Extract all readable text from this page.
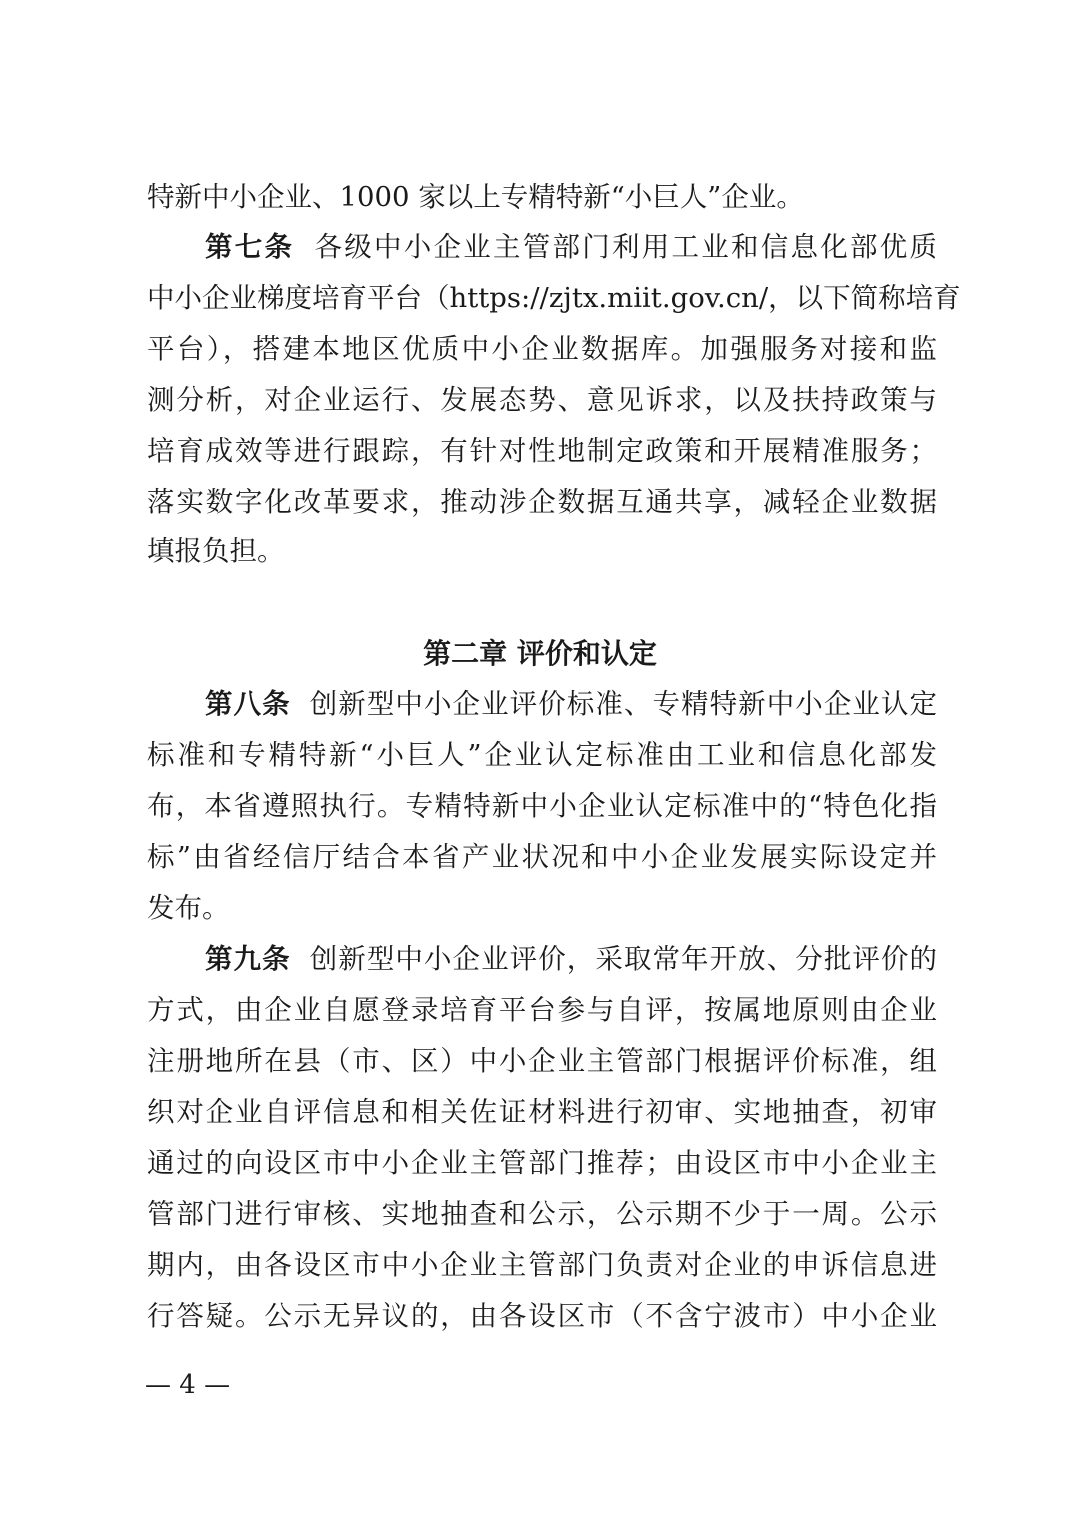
特新中小企业、1000 家以上专精特新“小巨人”企业。
第七条 各级中小企业主管部门利用工业和信息化部优质
中小企业梯度培育平台（https://zjtx.miit.gov.cn/，以下简称培育
平台），搭建本地区优质中小企业数据库。加强服务对接和监
测分析，对企业运行、发展态势、意见诉求，以及扶持政策与
培育成效等进行跟踪，有针对性地制定政策和开展精准服务；
落实数字化改革要求，推动涉企数据互通共享，减轻企业数据
填报负担。
第二章 评价和认定
第八条 创新型中小企业评价标准、专精特新中小企业认定
标准和专精特新“小巨人”企业认定标准由工业和信息化部发
布，本省遵照执行。专精特新中小企业认定标准中的“特色化指
标”由省经信厅结合本省产业状况和中小企业发展实际设定并
发布。
第九条 创新型中小企业评价，采取常年开放、分批评价的
方式，由企业自愿登录培育平台参与自评，按属地原则由企业
注册地所在县（市、区）中小企业主管部门根据评价标准，组
织对企业自评信息和相关佐证材料进行初审、实地抽查，初审
通过的向设区市中小企业主管部门推荐；由设区市中小企业主
管部门进行审核、实地抽查和公示，公示期不少于一周。公示
期内，由各设区市中小企业主管部门负责对企业的申诉信息进
行答疑。公示无异议的，由各设区市（不含宁波市）中小企业
— 4 —
